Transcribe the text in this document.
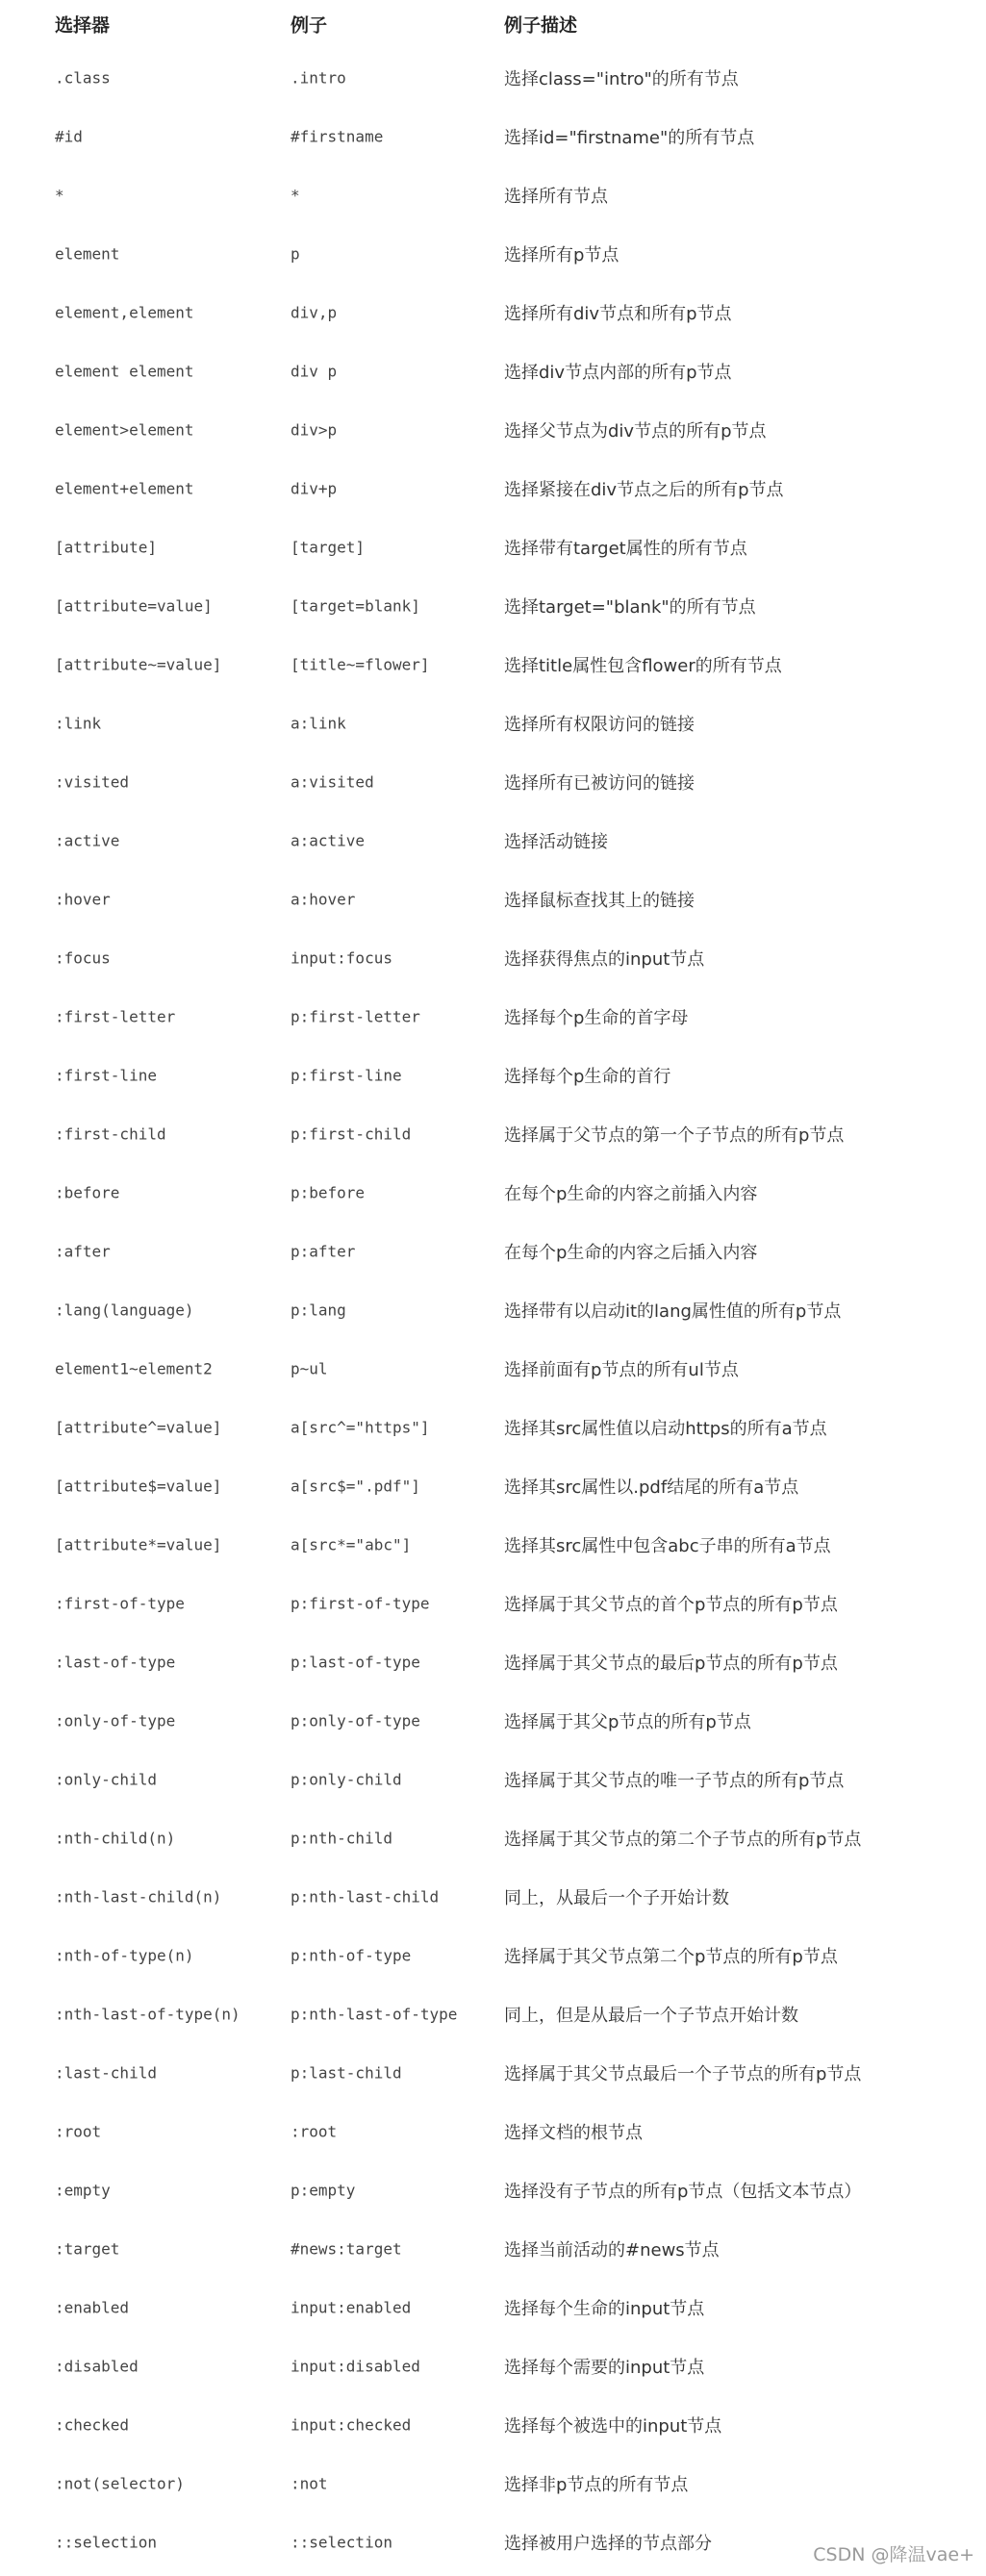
选择器	例子	例子描述
.class	.intro	选择class="intro"的所有节点
#id	#firstname	选择id="firstname"的所有节点
*	*	选择所有节点
element	p	选择所有p节点
element,element	div,p	选择所有div节点和所有p节点
element element	div p	选择div节点内部的所有p节点
element>element	div>p	选择父节点为div节点的所有p节点
element+element	div+p	选择紧接在div节点之后的所有p节点
[attribute]	[target]	选择带有target属性的所有节点
[attribute=value]	[target=blank]	选择target="blank"的所有节点
[attribute~=value]	[title~=flower]	选择title属性包含flower的所有节点
:link	a:link	选择所有权限访问的链接
:visited	a:visited	选择所有已被访问的链接
:active	a:active	选择活动链接
:hover	a:hover	选择鼠标查找其上的链接
:focus	input:focus	选择获得焦点的input节点
:first-letter	p:first-letter	选择每个p生命的首字母
:first-line	p:first-line	选择每个p生命的首行
:first-child	p:first-child	选择属于父节点的第一个子节点的所有p节点
:before	p:before	在每个p生命的内容之前插入内容
:after	p:after	在每个p生命的内容之后插入内容
:lang(language)	p:lang	选择带有以启动it的lang属性值的所有p节点
element1~element2	p~ul	选择前面有p节点的所有ul节点
[attribute^=value]	a[src^="https"]	选择其src属性值以启动https的所有a节点
[attribute$=value]	a[src$=".pdf"]	选择其src属性以.pdf结尾的所有a节点
[attribute*=value]	a[src*="abc"]	选择其src属性中包含abc子串的所有a节点
:first-of-type	p:first-of-type	选择属于其父节点的首个p节点的所有p节点
:last-of-type	p:last-of-type	选择属于其父节点的最后p节点的所有p节点
:only-of-type	p:only-of-type	选择属于其父p节点的所有p节点
:only-child	p:only-child	选择属于其父节点的唯一子节点的所有p节点
:nth-child(n)	p:nth-child	选择属于其父节点的第二个子节点的所有p节点
:nth-last-child(n)	p:nth-last-child	同上，从最后一个子开始计数
:nth-of-type(n)	p:nth-of-type	选择属于其父节点第二个p节点的所有p节点
:nth-last-of-type(n)	p:nth-last-of-type	同上，但是从最后一个子节点开始计数
:last-child	p:last-child	选择属于其父节点最后一个子节点的所有p节点
:root	:root	选择文档的根节点
:empty	p:empty	选择没有子节点的所有p节点（包括文本节点）
:target	#news:target	选择当前活动的#news节点
:enabled	input:enabled	选择每个生命的input节点
:disabled	input:disabled	选择每个需要的input节点
:checked	input:checked	选择每个被选中的input节点
:not(selector)	:not	选择非p节点的所有节点
::selection	::selection	选择被用户选择的节点部分
CSDN @降温vae+
